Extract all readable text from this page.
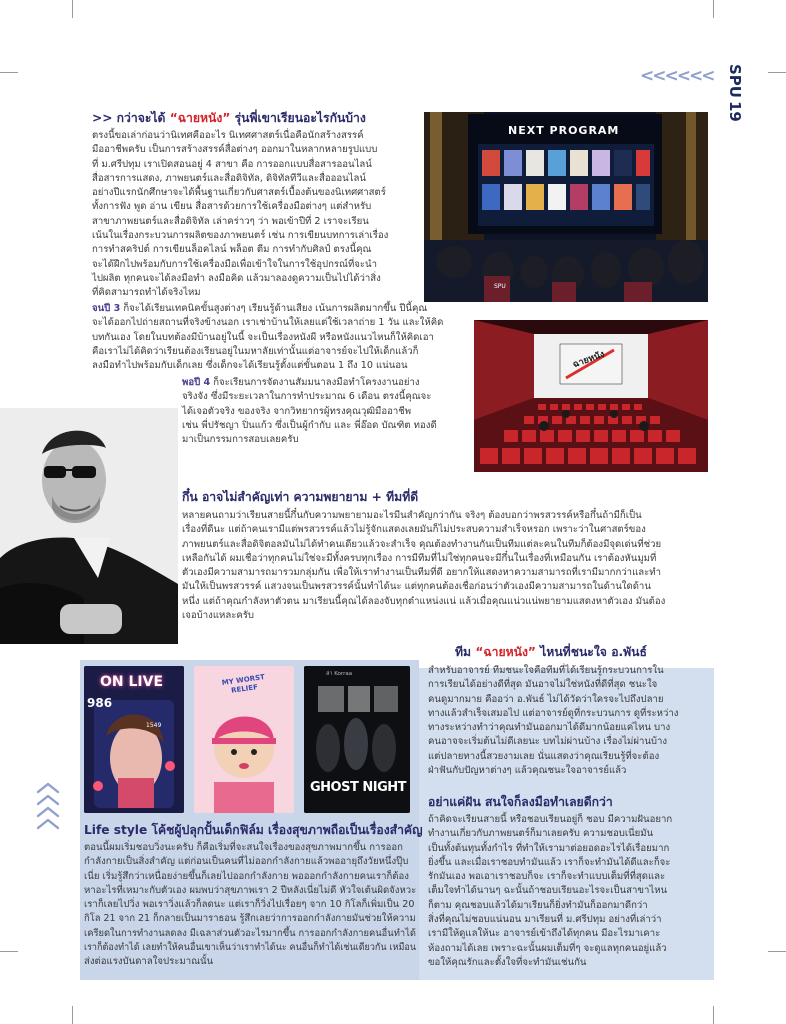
<<<<<< SPU19
SPU
NEXT PROGRAM
ฉายหนัง
ON LIVE
986
1549
MY WORST
RELIEF
ล่า Korraa
GHOST NIGHT
>> กว่าจะได้ “ฉายหนัง” รุ่นพี่เขาเรียนอะไรกันบ้าง
ตรงนี้ขอเล่าก่อนว่านิเทศคืออะไร นิเทศศาสตร์เนื่อคือนักสร้างสรรค์
มืออาชีพครับ เป็นการสร้างสรรค์สื่อต่างๆ ออกมาในหลากหลายรูปแบบ
ที่ ม.ศรีปทุม เราเปิดสอนอยู่ 4 สาขา คือ การออกแบบสื่อสารออนไลน์
สื่อสารการแสดง, ภาพยนตร์และสื่อดิจิทัล, ดิจิทัลทีวีและสื่อออนไลน์
อย่างปีแรกนักศึกษาจะได้พื้นฐานเกี่ยวกับศาสตร์เบื้องต้นของนิเทศศาสตร์
ทั้งการฟัง พูด อ่าน เขียน สื่อสารด้วยการใช้เครื่องมือต่างๆ แต่สำหรับ
สาขาภาพยนตร์และสื่อดิจิทัล เล่าคร่าวๆ ว่า พอเข้าปีที่ 2 เราจะเรียน
เน้นในเรื่องกระบวนการผลิตของภาพยนตร์ เช่น การเขียนบทการเล่าเรื่อง
การทำสคริปต์ การเขียนล็อคไลน์ พล็อต ตีม การทำกับศิลป์ ตรงนี้คุณ
จะได้ฝึกไปพร้อมกับการใช้เครื่องมือเพื่อเข้าใจในการใช้อุปกรณ์ที่จะนำ
ไปผลิต ทุกคนจะได้ลงมือทำ ลงมือคิด แล้วมาลองดูความเป็นไปได้ว่าสิ่ง
ที่คิดสามารถทำได้จริงไหม
จนปี 3 ก็จะได้เรียนเทคนิคขั้นสูงต่างๆ เรียนรู้ด้านเสียง เน้นการผลิตมากขึ้น ปีนี้คุณ
จะได้ออกไปถ่ายสถานที่จริงข้างนอก เราเช่าบ้านให้เลยแต่ใช้เวลาถ่าย 1 วัน และให้คิด
บทกันเอง โดยในบทต้องมีบ้านอยู่ในนี้ จะเป็นเรื่องหนังผี หรือหนังแนวไหนก็ให้คิดเอา
คือเราไม่ได้คิดว่าเรียนต้องเรียนอยู่ในมหาลัยเท่านั้นแต่อาจารย์จะไปให้เด็กแล้วก็
ลงมือทำไปพร้อมกับเด็กเลย ซึ่งเด็กจะได้เรียนรู้ตั้งแต่ขั้นตอน 1 ถึง 10 แน่นอน
พอปี 4 ก็จะเรียนการจัดงานสัมมนาลงมือทำโครงงานอย่าง
จริงจัง ซึ่งมีระยะเวลาในการทำประมาณ 6 เดือน ตรงนี้คุณจะ
ได้เจอตัวจริง ของจริง จากวิทยากรผู้ทรงคุณวุฒิมืออาชีพ
เช่น พี่ปรัชญา ปิ่นแก้ว ซึ่งเป็นผู้กำกับ และ พี่อ๊อด บัณฑิต ทองดี
มาเป็นกรรมการสอบเลยครับ
กึ๋น อาจไม่สำคัญเท่า ความพยายาม + ทีมที่ดี
หลายคนถามว่าเรียนสายนี้กึ๋นกับความพยายามอะไรมีนสำคัญกว่ากัน จริงๆ ต้องบอกว่าพรสวรรค์หรือกึ๋นถ้ามีก็เป็น
เรื่องที่ดีนะ แต่ถ้าคนเรามีแต่พรสวรรค์แล้วไม่รู้จักแสดงเลยมันก็ไม่ประสบความสำเร็จหรอก เพราะว่าในศาสตร์ของ
ภาพยนตร์และสื่อดิจิตอลมันไม่ได้ทำคนเดียวแล้วจะสำเร็จ คุณต้องทำงานกันเป็นทีมแต่ละคนในทีมก็ต้องมีจุดเด่นที่ช่วย
เหลือกันได้ ผมเชื่อว่าทุกคนไม่ใช่จะมีทั้งครบทุกเรื่อง การมีทีมที่ไม่ใช่ทุกคนจะมีกึ๋นในเรื่องที่เหมือนกัน เราต้องหันมูมที่
ตัวเองมีความสามารถมารวมกลุ่มกัน เพื่อให้เราทำงานเป็นทีมที่ดี อยากให้แสดงหาความสามารถที่เรามีมากกว่าและทำ
มันให้เป็นพรสวรรค์ แสวงจนเป็นพรสวรรค์นั้นทำได้นะ แต่ทุกคนต้องเชื่อก่อนว่าตัวเองมีความสามารถในด้านใดด้าน
หนึ่ง แต่ถ้าคุณกำลังหาตัวตน มาเรียนนี้คุณได้ลองจับทุกตำแหน่งแน่ แล้วเมื่อคุณแน่วแน่พยายามแสดงหาตัวเอง มันต้อง
เจอบ้างแหละครับ
ทีม “ฉายหนัง” ไหนที่ชนะใจ อ.พันธ์
สำหรับอาจารย์ ทีมชนะใจคือทีมที่ได้เรียนรู้กระบวนการใน
การเรียนได้อย่างดีที่สุด มันอาจไม่ใช่หนังที่ดีที่สุด ชนะใจ
คนดูมากมาย คืออว่า อ.พันธ์ ไม่ได้วัดว่าใครจะไปถึงปลาย
ทางแล้วสำเร็จเสมอไป แต่อาจารย์ดูที่กระบวนการ ดูที่ระหว่าง
ทางระหว่างทำว่าคุณทำมันออกมาได้ดีมากน้อยแค่ไหน บาง
คนอาจจะเริ่มต้นไม่ดีเลยนะ บทไม่ผ่านบ้าง เรื่องไม่ผ่านบ้าง
แต่ปลายทางนี้สวยงามเลย นั่นแสดงว่าคุณเรียนรู้ที่จะต้อง
ฝ่าฟันกับปัญหาต่างๆ แล้วคุณชนะใจอาจารย์แล้ว
อย่าแค่ฝัน สนใจก็ลงมือทำเลยดีกว่า
ถ้าคิดจะเรียนสายนี้ หรือชอบเรียนอยู่ก็ ชอบ มีความฝันอยาก
ทำงานเกี่ยวกับภาพยนตร์ก็มาเลยครับ ความชอบเนี่ยมัน
เป็นทั้งต้นทุนทั้งกำไร ที่ทำให้เรามาต่อยอดอะไรได้เรื่อยมาก
ยิ่งขึ้น และเมื่อเราชอบทำมันแล้ว เราก็จะทำมันได้ดีและก็จะ
รักมันเอง พอเอาเราชอบก็จะ เราก็จะทำแบบเต็มที่ที่สุดและ
เต็มใจทำได้นานๆ ฉะนั้นถ้าชอบเรียนอะไรจะเป็นสาขาไหน
ก็ตาม คุณชอบแล้วได้มาเรียนก็ยิ่งทำมันก็ออกมาดีกว่า
สิ่งที่คุณไม่ชอบแน่นอน มาเรียนที่ ม.ศรีปทุม อย่างที่เล่าว่า
เรามีให้ดูแลให้นะ อาจารย์เข้าถึงได้ทุกคน มีอะไรมาเคาะ
ห้องถามได้เลย เพราะฉะนั้นผมเต็มที่ๆ จะดูแลทุกคนอยู่แล้ว
ขอให้คุณรักและตั้งใจที่จะทำมันเช่นกัน
Life style โค้ชผู้ปลุกปั้นเด็กฟิล์ม เรื่องสุขภาพถือเป็นเรื่องสำคัญ
ตอนนี้ผมเริ่มชอบวิ่งนะครับ ก็คือเริ่มที่จะสนใจเรื่องของสุขภาพมากขึ้น การออก
กำลังกายเป็นสิ่งสำคัญ แต่ก่อนเป็นคนที่ไม่ออกกำลังกายแล้วพออายุถึงวัยหนึ่งปุ๊บ
เนี่ย เริ่มรู้สึกว่าเหนื่อยง่ายขึ้นก็เลยไปออกกำลังกาย พอออกกำลังกายคนเราก็ต้อง
หาอะไรที่เหมาะกับตัวเอง ผมพบว่าสุขภาพเรา 2 ปีหลังเนี่ยไม่ดี หัวใจเต้นผิดจังหวะ
เราก็เลยไปวิ่ง พอเราวิ่งแล้วก็ลดนะ แต่เราก็วิ่งไปเรื่อยๆ จาก 10 กิโลก็เพิ่มเป็น 20
กิโล 21 จาก 21 ก็กลายเป็นมาราธอน รู้สึกเลยว่าการออกกำลังกายมันช่วยให้ความ
เครียดในการทำงานลดลง มีเฉลาส่วนตัวอะไรมากขึ้น การออกกำลังกายคนอื่นทำได้
เราก็ต้องทำได้ เลยทำให้คนอื่นเขาเห็นว่าเราทำได้นะ คนอื่นก็ทำได้เช่นเดียวกัน เหมือน
ส่งต่อแรงบันดาลใจประมาณนั้น
